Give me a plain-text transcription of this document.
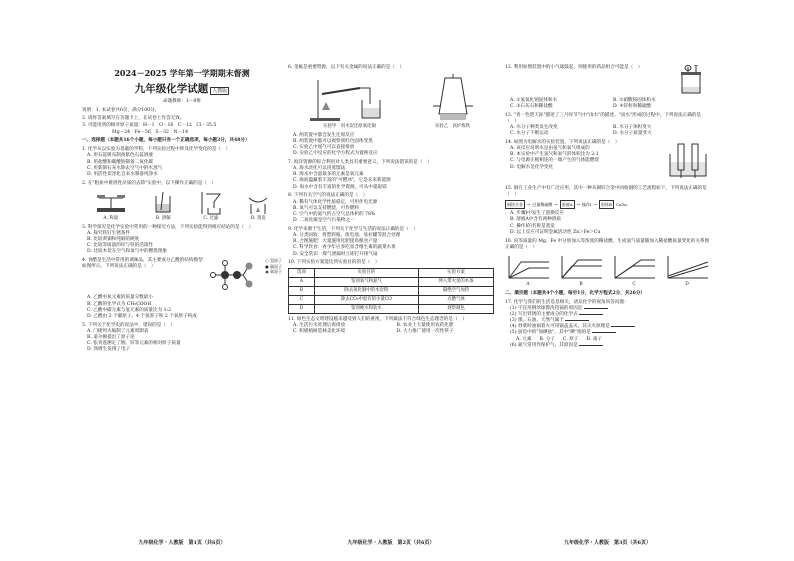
2024－2025 学年第一学期期末督测
九年级化学试题 人教版
命题教师：1～9班
说明：1. 本试卷共6页，满分100分。
2. 请将答案填写在答题卡上，在试卷上作答无效。
3. 可能用到的相对原子质量：H－1　O－16　C－12　Cl－35.5
Mg－24　Fe－56　S－32　N－14
一、选择题（本题共16个小题，每小题只有一个正确选项，每小题3分，共48分）
1. 化学从以实验为基础的学科，下列实验过程中涉及化学变化的是（　）
A. 用石蕊吸布制备紫色石蕊溶液
B. 用盐酸和碳酸钠制备二氧化碳
C. 用新制石灰水除去空气中的水蒸气
D. 用活性炭净化自来水制备纯净水
2. 在"粗盐中难溶性杂质的去除"实验中，以下操作正确的是（　）
A. 称量	B. 溶解	C. 过滤	D. 蒸发
3. 科学探究是化学实验中常用的一种探究方法，下列实验能得到相应结论的是（　）
A. 探究铁钉生锈条件
B. 比较黄铜和纯铜的硬度
C. 比较等质量的锌与铁的活泼性
D. 比较木炭在空气和氧气中的燃烧现象
4. 食醋是生活中常用的调味品，其主要成分乙酸的结构模型如图所示。下列说法正确的是（　）
○ 氢原子
● 碳原子
◉ 氧原子
A. 乙酸中氧元素的质量分数最小
B. 乙酸的化学式为 CH₃COOH
C. 乙酸中碳元素与氢元素的质量比为 1:2
D. 乙酸由 2 个碳原子、4 个氢原子和 2 个氧原子构成
5. 下列关于化学史的说法中，错误的是（　）
A. 门捷列夫编制了元素周期表
B. 道尔顿提出了原子论
C. 张青莲测定了铟、锌等元素的相对原子质量
D. 汤姆生发现了电子
九年级化学・人教版　第1页（共6页）
6. 金属是重要资源，以下有关金属的说法正确的是（　）
实验甲　用木炭还原氧化铜	实验乙　高炉炼铁
A. 两装置中都会发生还原反应
B. 两装置中都可以观察到红色固体变黑
C. 实验乙中尾气可以直接排放
D. 实验乙中反应的化学方程式为置换反应
7. 海洋资源的综合利用对人类具有重要意义，下列说法错误的是（　）
A. 海水淡化可以用蒸馏法
B. 海水中含量最多的元素是氧元素
C. 海底蕴藏着丰富的"可燃冰"，它是未来新能源
D. 海水中含有丰富的化学资源，可从中提取镁
8. 下列有关空气的说法正确的是（　）
A. 稀有气体化学性质稳定，可用作电光源
B. 氧气可以支持燃烧，可作燃料
C. 空气中的氮气约占空气总体积的 78%
D. 二氧化碳是空气污染物之一
9. 化学来源于生活，下列关于化学与生活的说法正确的是（　）
A. 分类回收：将塑料瓶、废电池、易拉罐等混合处理
B. 合理施肥：大量施用化肥提高粮食产量
C. 科学饮食：青少年应多吃富含维生素的蔬菜水果
D. 安全常识：煤气泄漏时立即打开排气扇
10. 下列实验方案能达到实验目的的是（　）
选项	实验目的	实验方案
A	鉴别氧气和氮气	伸入带火星的木条
B	除去氧化铜中的木炭粉	隔绝空气加热
C	除去CO₂中混有的少量CO	点燃气体
D	鉴别硬水和软水	观察颜色
11. 绿色生态文明建设越来越受到人们的重视，下列做法不符合绿色生态理念的是（　）
A. 生活污水处理后再排放	B. 农业上大量使用农药化肥
C. 积极植树造林美化环境	D. 大力推广使用一次性筷子
九年级化学・人教版　第2页（共6页）
12. 利用如图装置中的小气球鼓起，则使用的药品组合可能是（　）
A. ①氢氧化钠固体和水	B. ②硝酸铵固体和水
C. ③石灰石和稀盐酸	D. ④锌粒和稀硫酸
13. "青一色碧天际"描述了三月时节气中"雨水"的描述。"雨水"形成的过程中，下列说法正确的是（　）
A. 水分子种类发生改变	B. 水分子体积变大
C. 水分子不断运动	D. 水分子质量变大
14. 如图为电解水的实验装置，下列说法正确的是（　）
A. 该反应说明水是由氢气和氧气组成的
B. 本实验中产生氢气和氧气的体积比为 2:1
C. 与电源正极相连的一端产生的气体能燃烧
D. 电解水是化学变化
15. 铜在工业生产中有广泛应用，其中一种从铜锌合金中回收铜的工艺流程如下，下列说法正确的是（　）
铜锌合金	→ 过量稀硫酸 →	溶液A	→ 操作I →	固体B	CuZn
A. 步骤I中发生了置换反应
B. 溶液A中含有两种溶质
C. 操作I的名称是蒸发
D. 以上反应可证明金属活动性 Zn＞Fe＞Cu
16. 向等质量的 Mg、Fe 中分别加入等浓度的稀盐酸，生成氢气质量随加入稀盐酸质量变化的关系图正确的是（　）
A	B	C	D
二、填空题（本题共4个小题，每空1分，化学方程式2分，共26分）
17. 化学与我们的生活息息相关，请从化学的视角回答问题：
(1) 不宜用钢丝球擦洗铝锅的原因是
(2) 写出铁锈的主要成分的化学式
(3) 煤、石油、天然气属于
(4) 炒菜时油锅着火可用锅盖盖灭，其灭火原理是
(5) 厨房中的"加碘盐"，其中"碘"指的是
A. 元素 B. 分子 C. 原子 D. 离子
(6) 氮气常用作保护气，其原因是
九年级化学・人教版　第3页（共6页）
